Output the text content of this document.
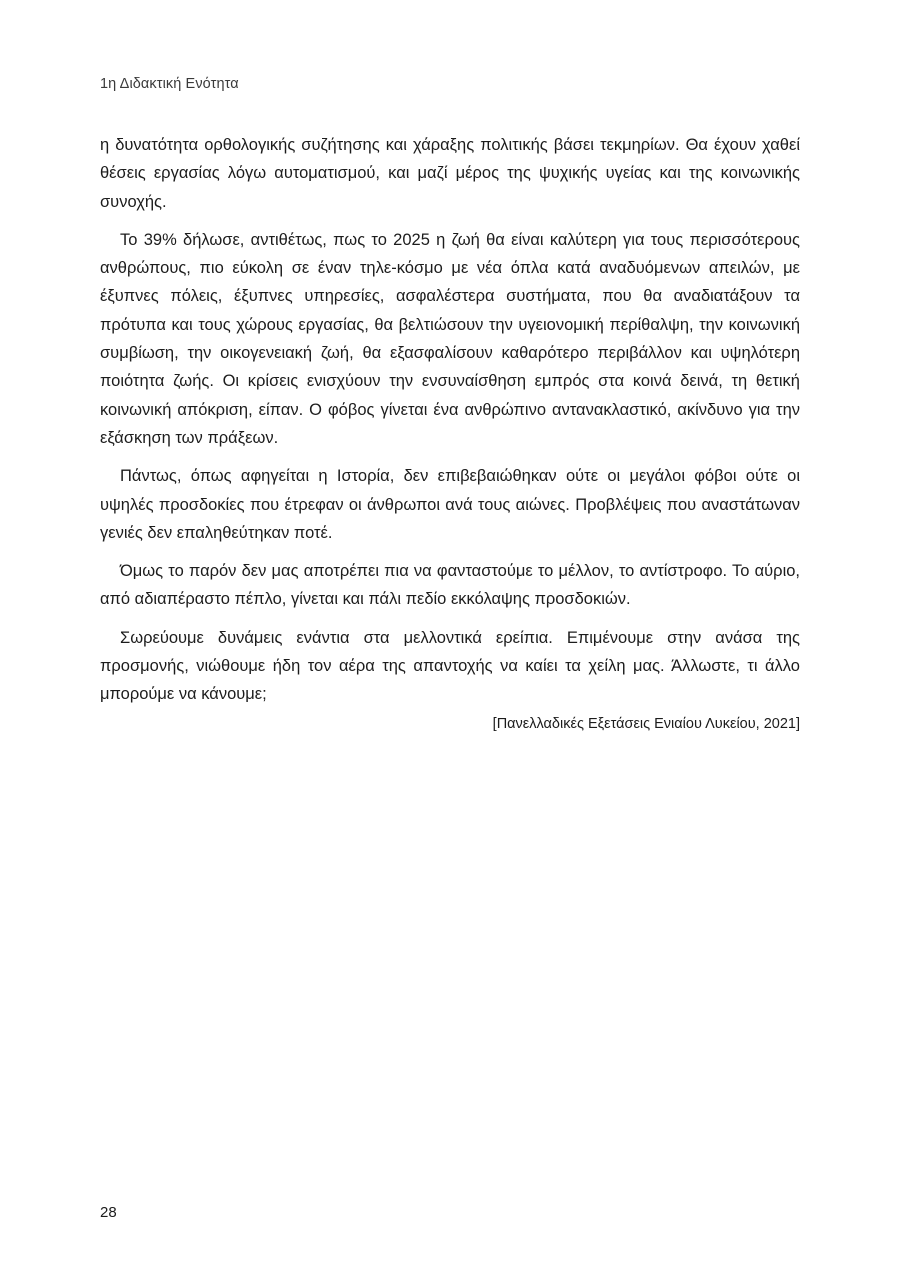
1η Διδακτική Ενότητα

η δυνατότητα ορθολογικής συζήτησης και χάραξης πολιτικής βάσει τεκμηρίων. Θα έχουν χαθεί θέσεις εργασίας λόγω αυτοματισμού, και μαζί μέρος της ψυχικής υγείας και της κοινωνικής συνοχής.

Το 39% δήλωσε, αντιθέτως, πως το 2025 η ζωή θα είναι καλύτερη για τους περισσότερους ανθρώπους, πιο εύκολη σε έναν τηλε-κόσμο με νέα όπλα κατά αναδυόμενων απειλών, με έξυπνες πόλεις, έξυπνες υπηρεσίες, ασφαλέστερα συστήματα, που θα αναδιατάξουν τα πρότυπα και τους χώρους εργασίας, θα βελτιώσουν την υγειονομική περίθαλψη, την κοινωνική συμβίωση, την οικογενειακή ζωή, θα εξασφαλίσουν καθαρότερο περιβάλλον και υψηλότερη ποιότητα ζωής. Οι κρίσεις ενισχύουν την ενσυναίσθηση εμπρός στα κοινά δεινά, τη θετική κοινωνική απόκριση, είπαν. Ο φόβος γίνεται ένα ανθρώπινο αντανακλαστικό, ακίνδυνο για την εξάσκηση των πράξεων.

Πάντως, όπως αφηγείται η Ιστορία, δεν επιβεβαιώθηκαν ούτε οι μεγάλοι φόβοι ούτε οι υψηλές προσδοκίες που έτρεφαν οι άνθρωποι ανά τους αιώνες. Προβλέψεις που αναστάτωναν γενιές δεν επαληθεύτηκαν ποτέ.

Όμως το παρόν δεν μας αποτρέπει πια να φανταστούμε το μέλλον, το αντίστροφο. Το αύριο, από αδιαπέραστο πέπλο, γίνεται και πάλι πεδίο εκκόλαψης προσδοκιών.

Σωρεύουμε δυνάμεις ενάντια στα μελλοντικά ερείπια. Επιμένουμε στην ανάσα της προσμονής, νιώθουμε ήδη τον αέρα της απαντοχής να καίει τα χείλη μας. Άλλωστε, τι άλλο μπορούμε να κάνουμε;

[Πανελλαδικές Εξετάσεις Ενιαίου Λυκείου, 2021]
28
